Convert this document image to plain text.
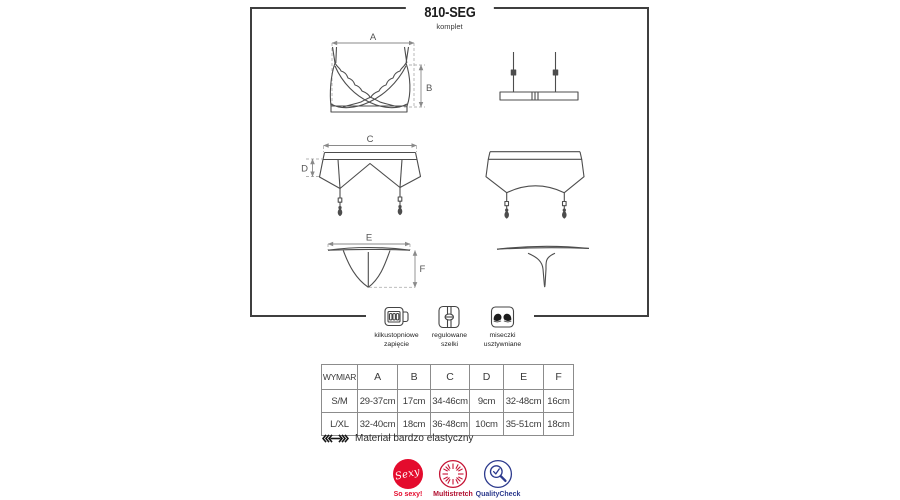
A
B
C
D
E
F
810-SEG
komplet
kilkustopniowe
zapięcie
regulowane
szelki
miseczki
usztywniane
WYMIAR	A	B	C	D	E	F
S/M	29-37cm	17cm	34-46cm	9cm	32-48cm	16cm
L/XL	32-40cm	18cm	36-48cm	10cm	35-51cm	18cm
Materiał bardzo elastyczny
Sexy
So sexy! Multistretch QualityCheck
